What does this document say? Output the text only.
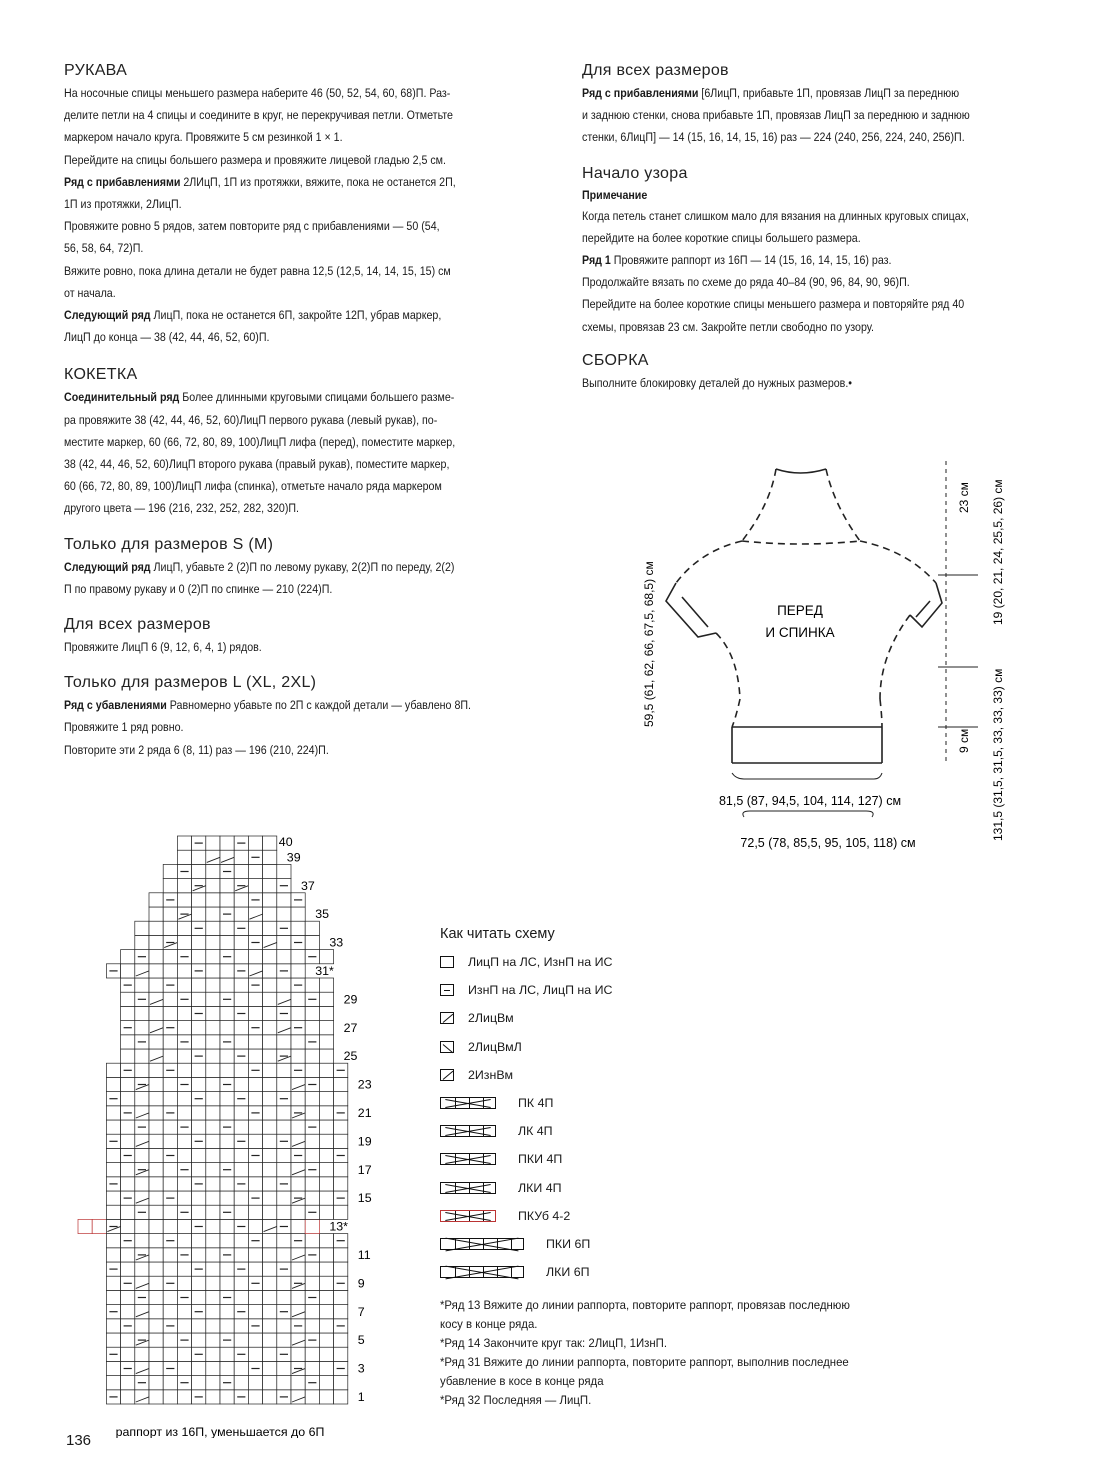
РУКАВА
На носочные спицы меньшего размера наберите 46 (50, 52, 54, 60, 68)П. Раз-
делите петли на 4 спицы и соедините в круг, не перекручивая петли. Отметьте
маркером начало круга. Провяжите 5 см резинкой 1 × 1.
Перейдите на спицы большего размера и провяжите лицевой гладью 2,5 см.
Ряд с прибавлениями 2ЛИцП, 1П из протяжки, вяжите, пока не останется 2П,
1П из протяжки, 2ЛицП.
Провяжите ровно 5 рядов, затем повторите ряд с прибавлениями — 50 (54,
56, 58, 64, 72)П.
Вяжите ровно, пока длина детали не будет равна 12,5 (12,5, 14, 14, 15, 15) см
от начала.
Следующий ряд ЛицП, пока не останется 6П, закройте 12П, убрав маркер,
ЛицП до конца — 38 (42, 44, 46, 52, 60)П.
КОКЕТКА
Соединительный ряд Более длинными круговыми спицами большего разме-
ра провяжите 38 (42, 44, 46, 52, 60)ЛицП первого рукава (левый рукав), по-
местите маркер, 60 (66, 72, 80, 89, 100)ЛицП лифа (перед), поместите маркер,
38 (42, 44, 46, 52, 60)ЛицП второго рукава (правый рукав), поместите маркер,
60 (66, 72, 80, 89, 100)ЛицП лифа (спинка), отметьте начало ряда маркером
другого цвета — 196 (216, 232, 252, 282, 320)П.
Только для размеров S (M)
Следующий ряд ЛицП, убавьте 2 (2)П по левому рукаву, 2(2)П по переду, 2(2)
П по правому рукаву и 0 (2)П по спинке — 210 (224)П.
Для всех размеров
Провяжите ЛицП 6 (9, 12, 6, 4, 1) рядов.
Только для размеров L (XL, 2XL)
Ряд с убавлениями Равномерно убавьте по 2П с каждой детали — убавлено 8П.
Провяжите 1 ряд ровно.
Повторите эти 2 ряда 6 (8, 11) раз — 196 (210, 224)П.
Для всех размеров
Ряд с прибавлениями [6ЛицП, прибавьте 1П, провязав ЛицП за переднюю
и заднюю стенки, снова прибавьте 1П, провязав ЛицП за переднюю и заднюю
стенки, 6ЛицП] — 14 (15, 16, 14, 15, 16) раз — 224 (240, 256, 224, 240, 256)П.
Начало узора
Примечание
Когда петель станет слишком мало для вязания на длинных круговых спицах,
перейдите на более короткие спицы большего размера.
Ряд 1 Провяжите раппорт из 16П — 14 (15, 16, 14, 15, 16) раз.
Продолжайте вязать по схеме до ряда 40–84 (90, 96, 84, 90, 96)П.
Перейдите на более короткие спицы меньшего размера и повторяйте ряд 40
схемы, провязав 23 см. Закройте петли свободно по узору.
СБОРКА
Выполните блокировку деталей до нужных размеров.•
ПЕРЕД
И СПИНКА
59,5 (61, 62, 66, 67,5, 68,5) см
23 см
9 см
19 (20, 21, 24, 25,5, 26) см
131,5 (31,5, 31,5, 33, 33, 33) см
81,5 (87, 94,5, 104, 114, 127) см
72,5 (78, 85,5, 95, 105, 118) см
1
3
5
7
9
11
13*
15
17
19
21
23
25
27
29
31*
33
35
37
39
40
раппорт из 16П, уменьшается до 6П
Как читать схему
ЛицП на ЛС, ИзнП на ИС
ИзнП на ЛС, ЛицП на ИС
2ЛицВм
2ЛицВмЛ
2ИзнВм
ПК 4П
ЛК 4П
ПКИ 4П
ЛКИ 4П
ПКУб 4-2
ПКИ 6П
ЛКИ 6П
*Ряд 13 Вяжите до линии раппорта, повторите раппорт, провязав последнюю
косу в конце ряда.
*Ряд 14 Закончите круг так: 2ЛицП, 1ИзнП.
*Ряд 31 Вяжите до линии раппорта, повторите раппорт, выполнив последнее
убавление в косе в конце ряда
*Ряд 32 Последняя — ЛицП.
136
